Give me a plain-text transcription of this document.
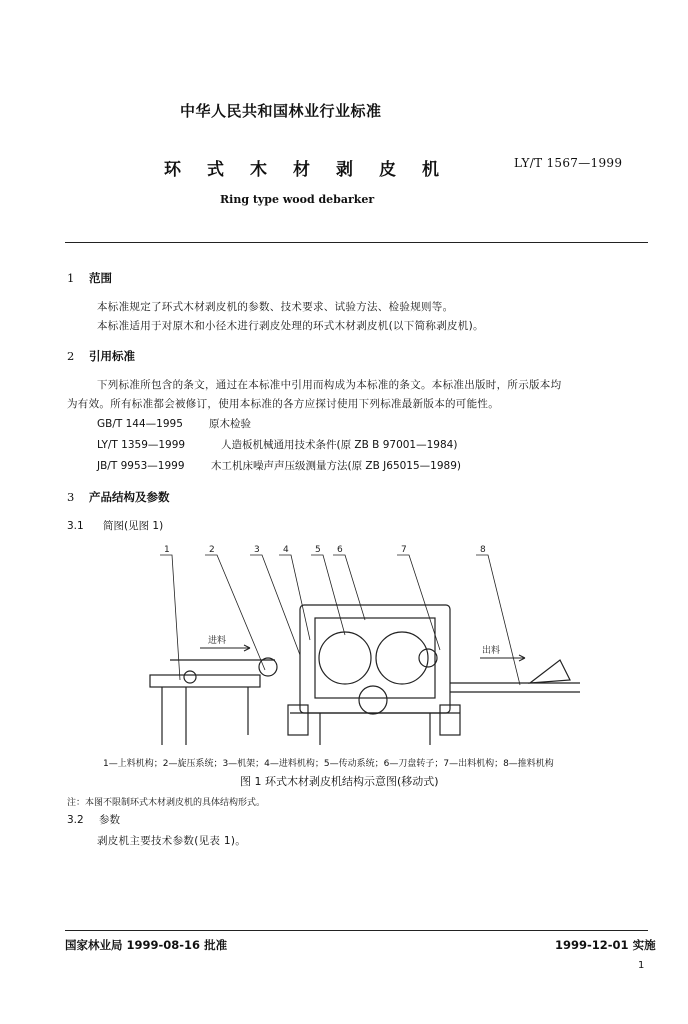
中华人民共和国林业行业标准
环式木材剥皮机	LY/T 1567—1999
Ring type wood debarker
1 范围
本标准规定了环式木材剥皮机的参数、技术要求、试验方法、检验规则等。
本标准适用于对原木和小径木进行剥皮处理的环式木材剥皮机(以下简称剥皮机)。
2 引用标准
下列标准所包含的条文，通过在本标准中引用而构成为本标准的条文。本标准出版时，所示版本均
为有效。所有标准都会被修订，使用本标准的各方应探讨使用下列标准最新版本的可能性。
GB/T 144—1995 原木检验
LY/T 1359—1999	人造板机械通用技术条件(原 ZB B 97001—1984)
JB/T 9953—1999	木工机床噪声声压级测量方法(原 ZB J65015—1989)
3 产品结构及参数
3.1 简图(见图 1)
1	2	3	4	5 6	7	8
进料
出料
1—上料机构；2—旋压系统；3—机架；4—进料机构；5—传动系统；6—刀盘转子；7—出料机构；8—推料机构
图 1 环式木材剥皮机结构示意图(移动式)
注：本图不限制环式木材剥皮机的具体结构形式。
3.2 参数
剥皮机主要技术参数(见表 1)。
国家林业局 1999-08-16 批准	1999-12-01 实施
1
